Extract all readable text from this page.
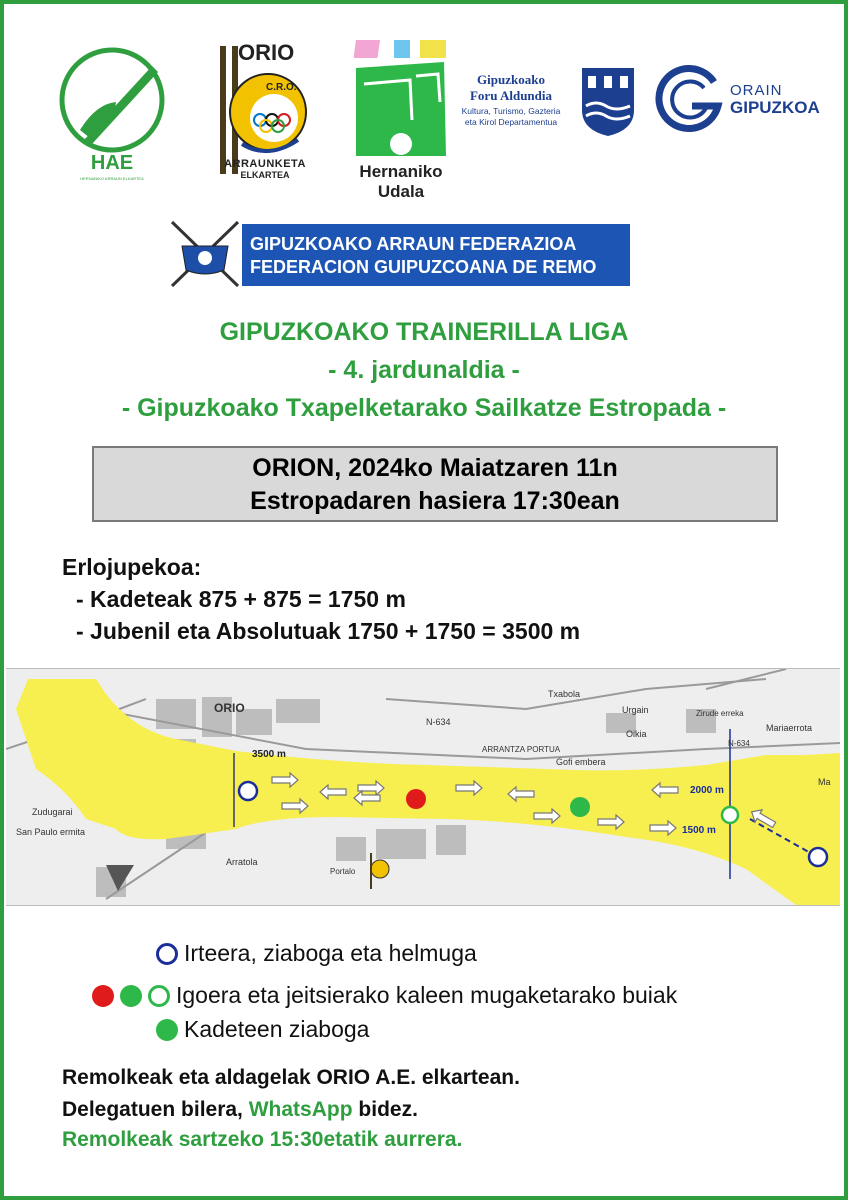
HAE
HERNANIKO ARRAUN ELKARTEA
ORIO
C.R.O.
ARRAUNKETA
ELKARTEA	Hernaniko
Udala
Gipuzkoako
Foru Aldundia
Kultura, Turismo, Gazteria
eta Kirol Departamentua
ORAIN
GIPUZKOA
GIPUZKOAKO ARRAUN FEDERAZIOA
FEDERACION GUIPUZCOANA DE REMO
GIPUZKOAKO TRAINERILLA LIGA
- 4. jardunaldia -
- Gipuzkoako Txapelketarako Sailkatze Estropada -
ORION, 2024ko Maiatzaren 11n
Estropadaren hasiera 17:30ean
Erlojupekoa:
- Kadeteak 875 + 875 = 1750 m
- Jubenil eta Absolutuak 1750 + 1750 = 3500 m
3500 m
2000 m
1500 m
ORIO
Txabola
N-634
ARRANTZA PORTUA
Gofi embera
Zudugarai
San Paulo ermita
Arratola
Portalo
Urgain
Oikia
N-634
Zirude erreka
Mariaerrota
Ma
Irteera, ziaboga eta helmuga
Igoera eta jeitsierako kaleen mugaketarako buiak
Kadeteen ziaboga
Remolkeak eta aldagelak ORIO A.E. elkartean.
Delegatuen bilera, WhatsApp bidez.
Remolkeak sartzeko 15:30etatik aurrera.
